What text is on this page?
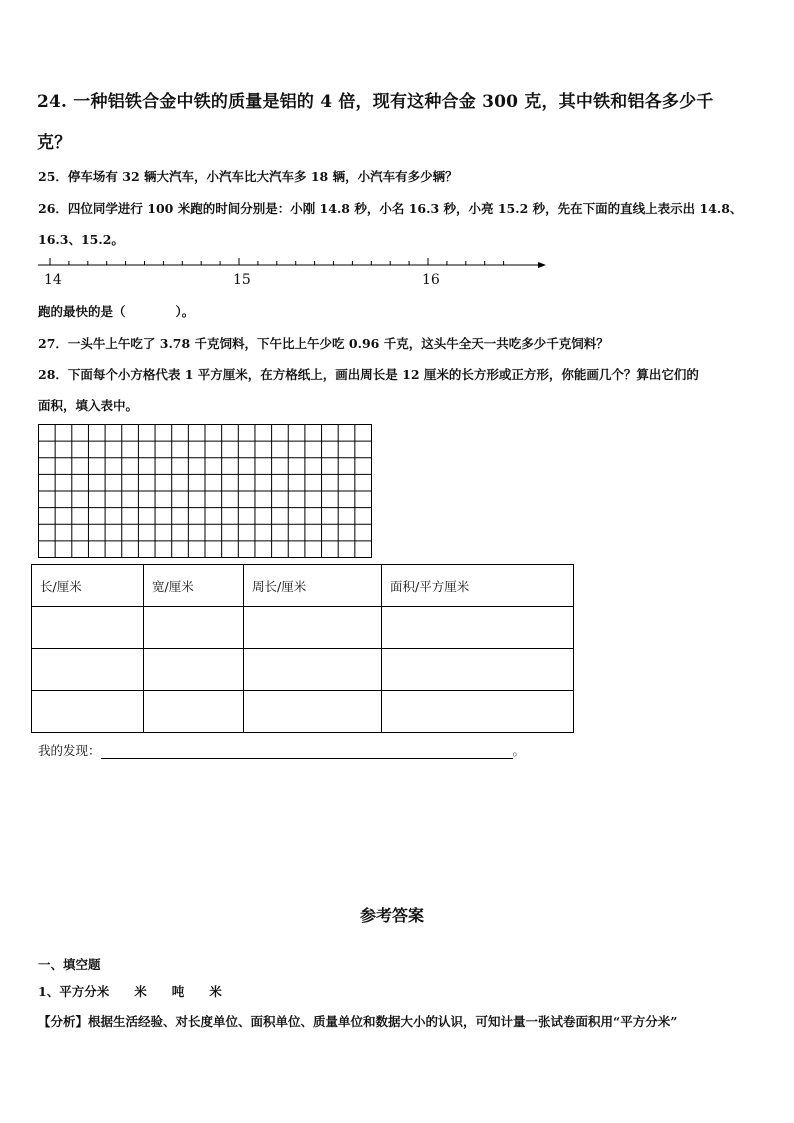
24. 一种铝铁合金中铁的质量是铝的 4 倍，现有这种合金 300 克，其中铁和铝各多少千
克？
25．停车场有 32 辆大汽车，小汽车比大汽车多 18 辆，小汽车有多少辆？
26．四位同学进行 100 米跑的时间分别是：小刚 14.8 秒，小名 16.3 秒，小亮 15.2 秒，先在下面的直线上表示出 14.8、
16.3、15.2。
14	15	16
跑的最快的是（　　　　）。
27．一头牛上午吃了 3.78 千克饲料，下午比上午少吃 0.96 千克，这头牛全天一共吃多少千克饲料？
28．下面每个小方格代表 1 平方厘米，在方格纸上，画出周长是 12 厘米的长方形或正方形，你能画几个？算出它们的
面积，填入表中。
长/厘米	宽/厘米	周长/厘米	面积/平方厘米

我的发现：	。
参考答案
一、填空题
1、平方分米　　米　　吨　　米
【分析】根据生活经验、对长度单位、面积单位、质量单位和数据大小的认识，可知计量一张试卷面积用“平方分米”
